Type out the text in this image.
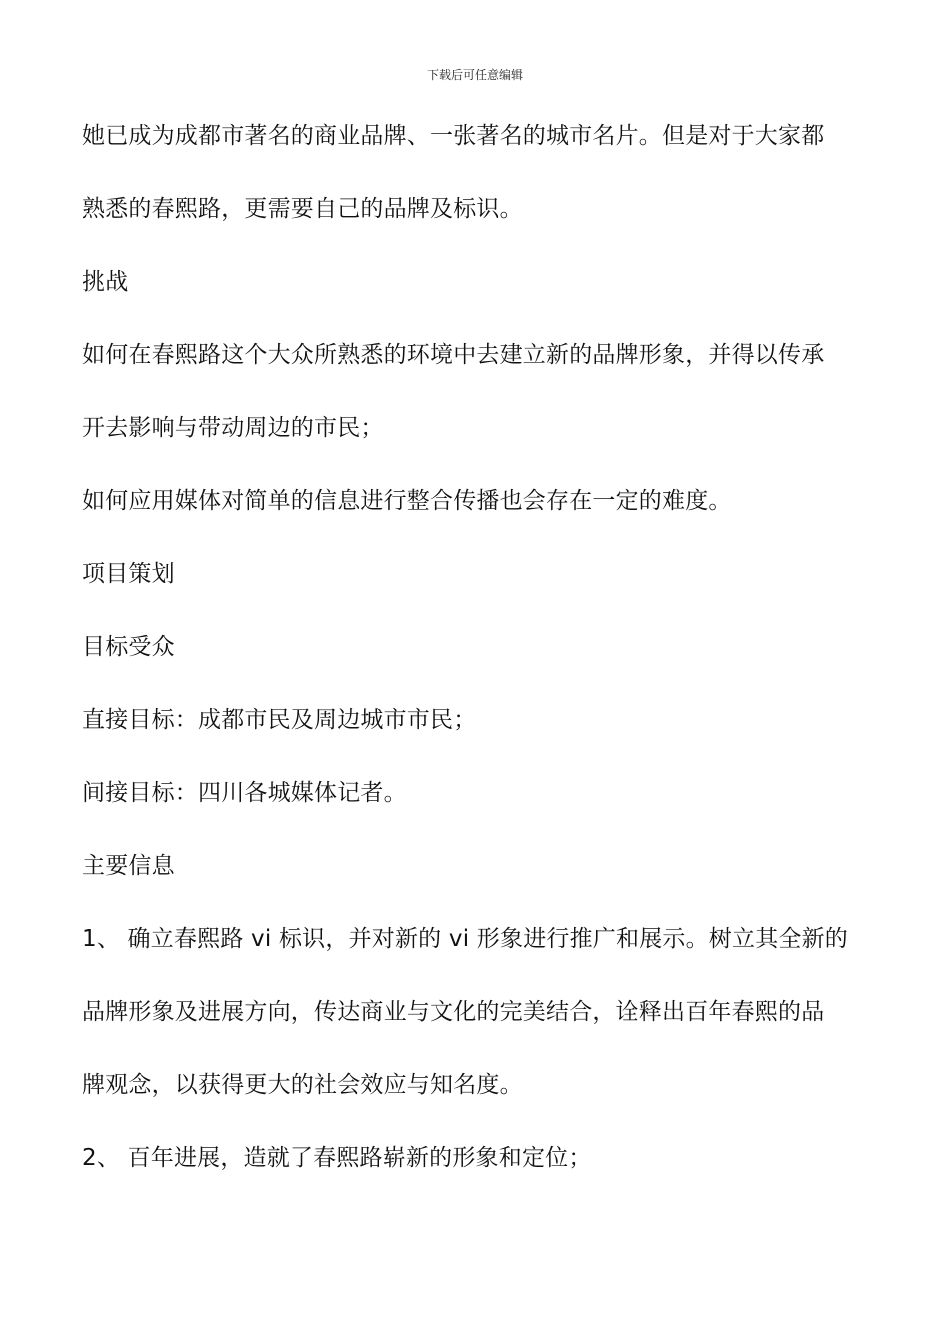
下载后可任意编辑
她已成为成都市著名的商业品牌、一张著名的城市名片。但是对于大家都
熟悉的春熙路，更需要自己的品牌及标识。
挑战
如何在春熙路这个大众所熟悉的环境中去建立新的品牌形象，并得以传承
开去影响与带动周边的市民；
如何应用媒体对简单的信息进行整合传播也会存在一定的难度。
项目策划
目标受众
直接目标：成都市民及周边城市市民；
间接目标：四川各城媒体记者。
主要信息
1、 确立春熙路 vi 标识，并对新的 vi 形象进行推广和展示。树立其全新的
品牌形象及进展方向，传达商业与文化的完美结合，诠释出百年春熙的品
牌观念，以获得更大的社会效应与知名度。
2、 百年进展，造就了春熙路崭新的形象和定位；
